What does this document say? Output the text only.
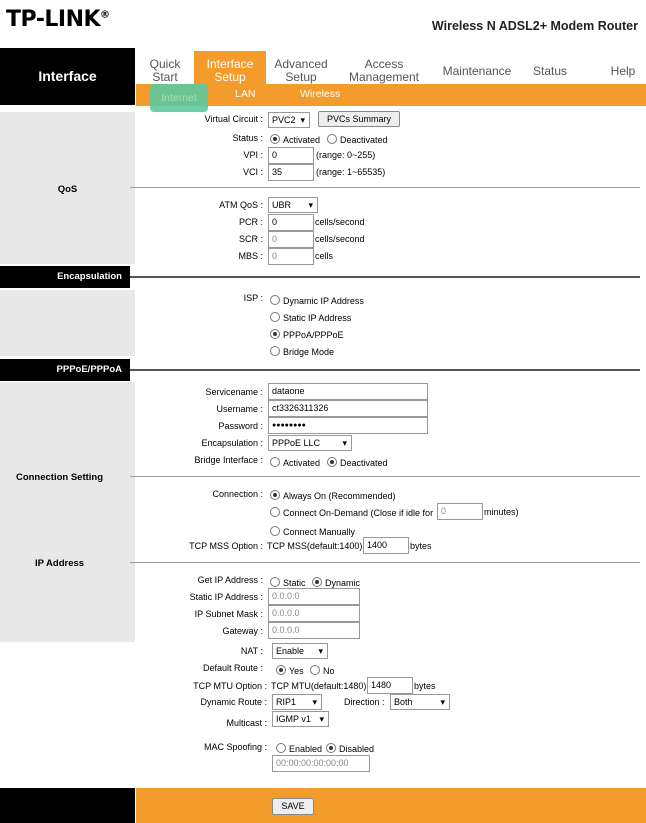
TP-LINK®
Wireless N ADSL2+ Modem Router
Interface
Quick
Start
Interface
Setup
Advanced
Setup
Access
Management Maintenance Status	Help
Internet	LAN	Wireless
Virtual Circuit :	PVC2 ▾	PVCs Summary
Status :	Activated	Deactivated
VPI :	0	(range: 0~255)
VCI :	35	(range: 1~65535)
QoS
ATM QoS :	UBR ▾
PCR :	0	cells/second
SCR :	0	cells/second
MBS :	0	cells
Encapsulation
ISP :	Dynamic IP Address
Static IP Address
PPPoA/PPPoE
Bridge Mode
PPPoE/PPPoA
Servicename :	dataone
Username :	ct3326311326
Password :	●●●●●●●●
Encapsulation :	PPPoE LLC ▾
Bridge Interface :	Activated	Deactivated
Connection Setting
Connection :	Always On (Recommended)
Connect On-Demand (Close if idle for 0	minutes)
Connect Manually
TCP MSS Option : TCP MSS(default:1400) 1400	bytes
IP Address
Get IP Address :	Static	Dynamic
Static IP Address :	0.0.0.0
IP Subnet Mask :	0.0.0.0
Gateway :	0.0.0.0
NAT :	Enable ▾
Default Route :	Yes	No
TCP MTU Option : TCP MTU(default:1480) 1480	bytes
Dynamic Route :	RIP1 ▾	Direction :	Both ▾
Multicast :	IGMP v1 ▾
MAC Spoofing :	Enabled	Disabled
00:00:00:00:00:00
SAVE
